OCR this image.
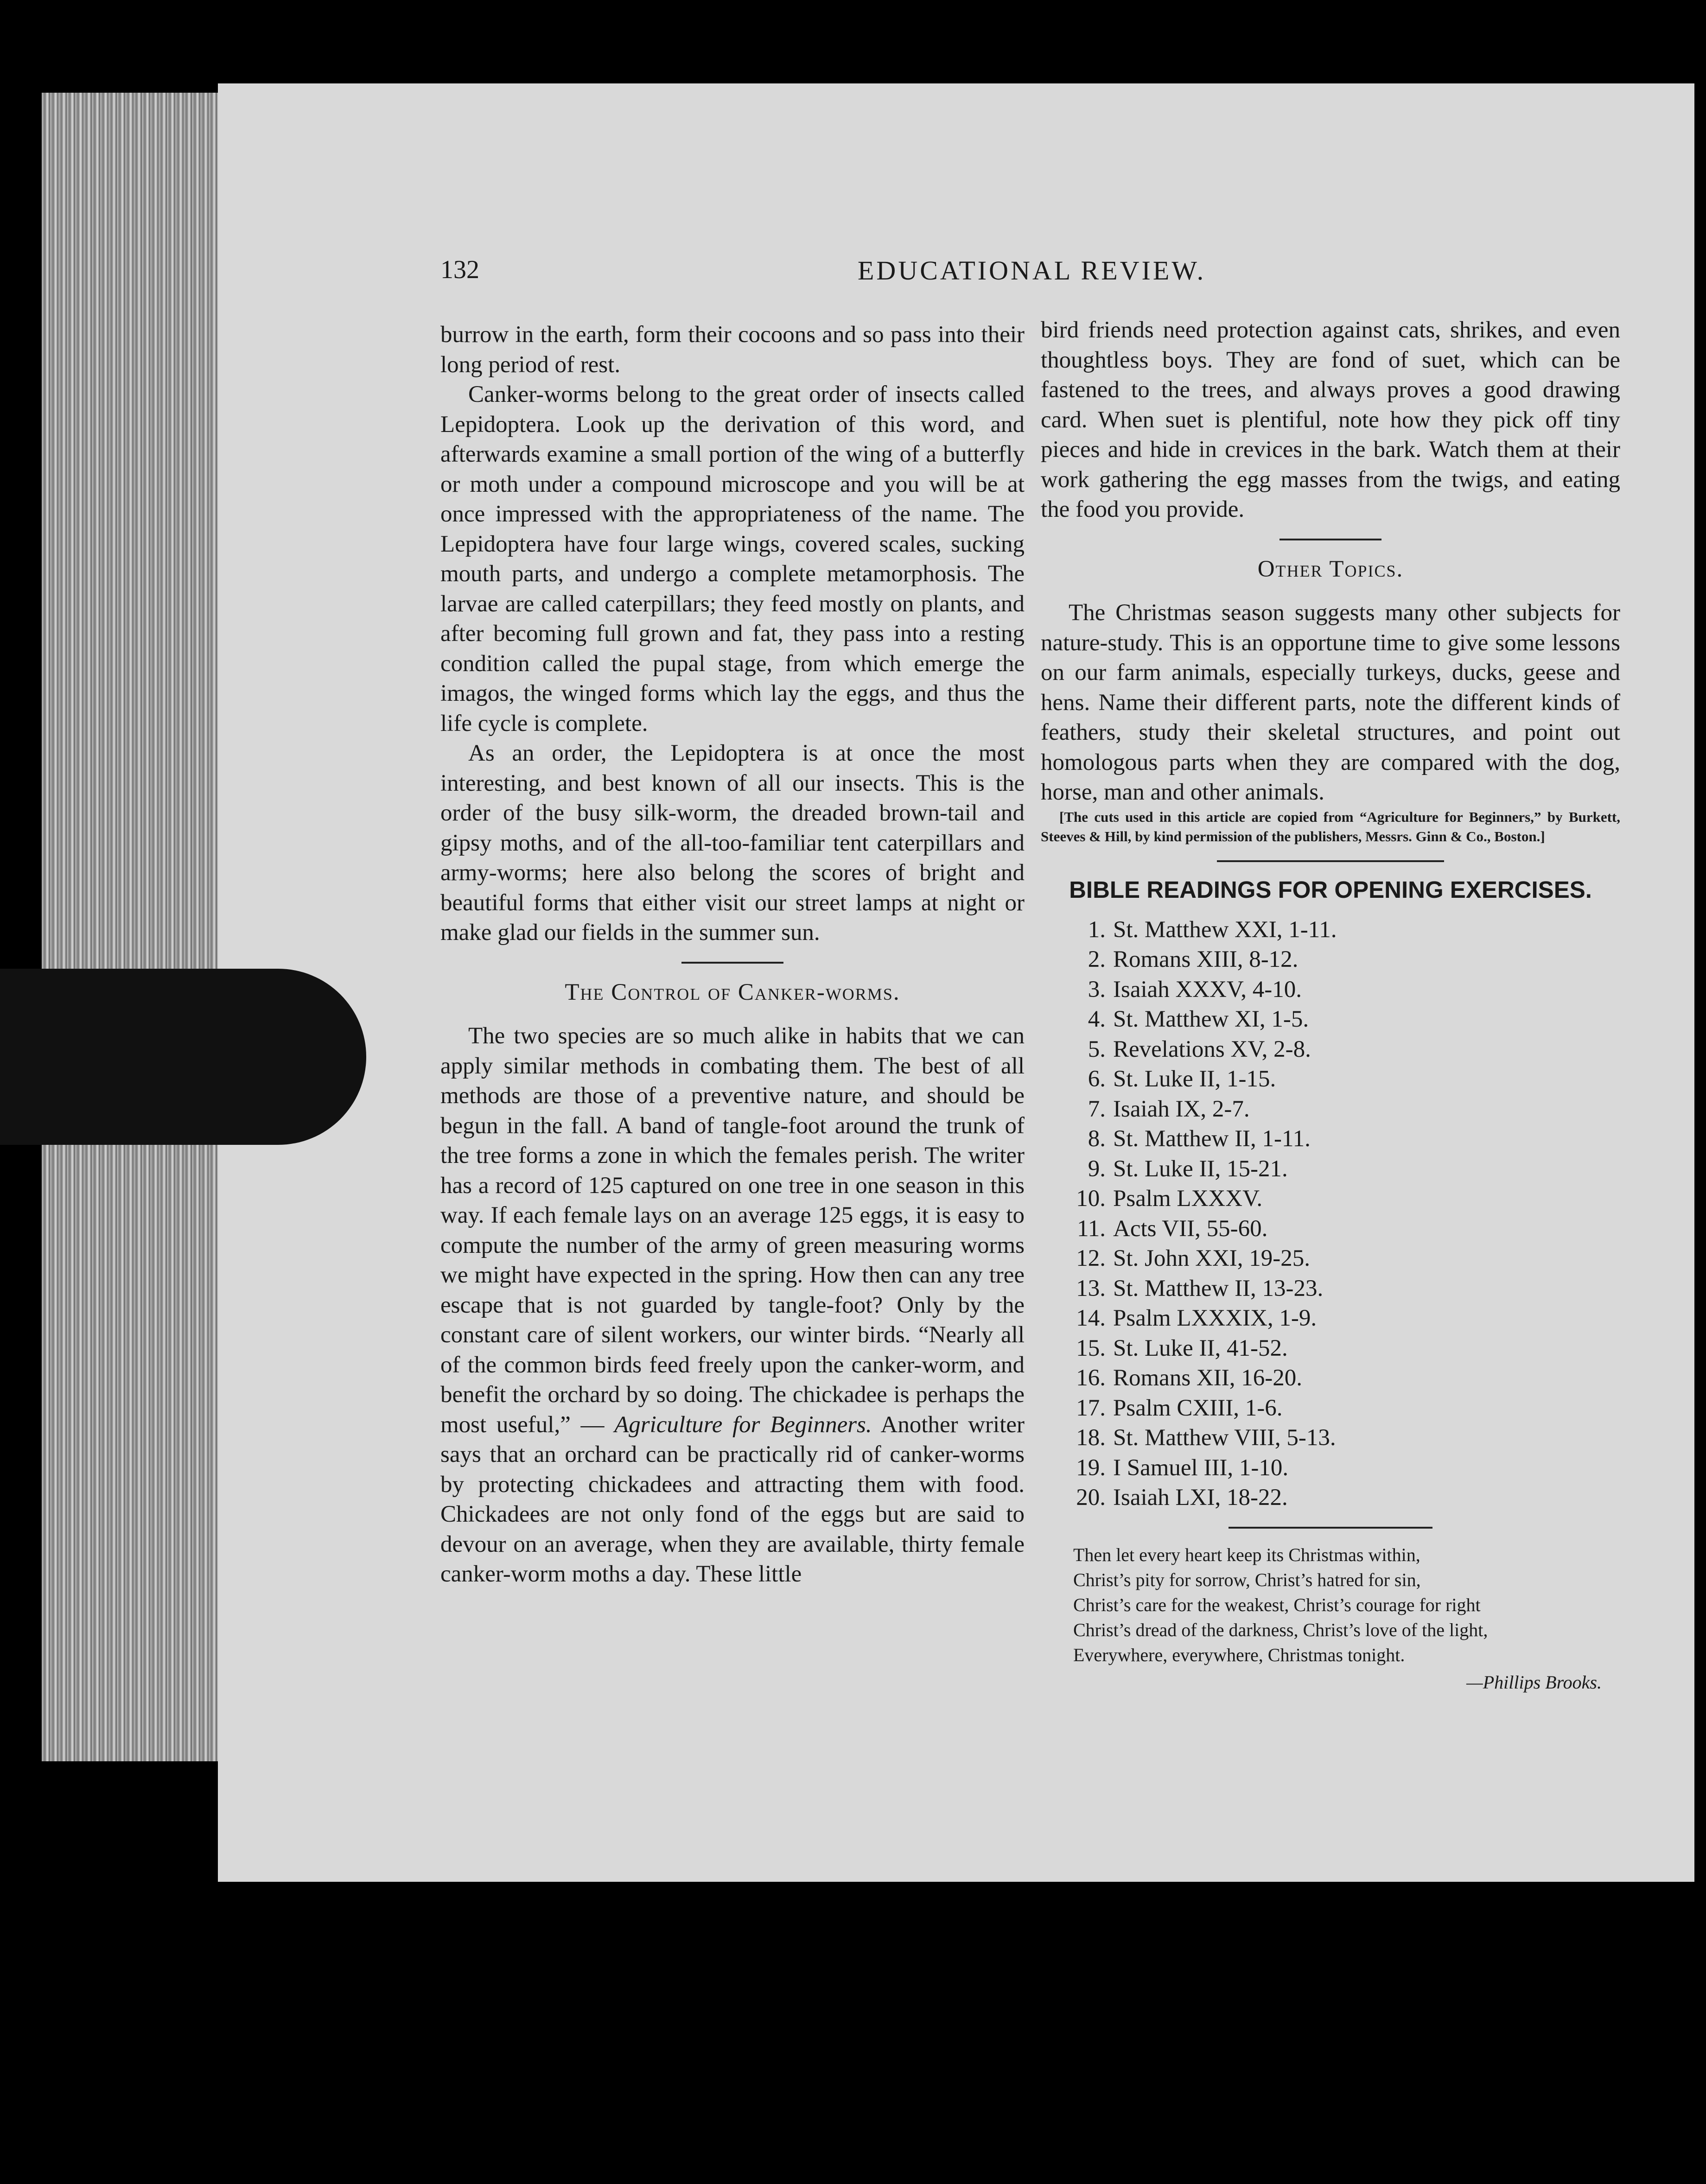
132	EDUCATIONAL REVIEW.

burrow in the earth, form their cocoons and so pass into their long period of rest.

Canker-worms belong to the great order of insects called Lepidoptera. Look up the derivation of this word, and afterwards examine a small portion of the wing of a butterfly or moth under a compound microscope and you will be at once impressed with the appropriateness of the name. The Lepidoptera have four large wings, covered scales, sucking mouth parts, and undergo a complete metamorphosis. The larvae are called caterpillars; they feed mostly on plants, and after becoming full grown and fat, they pass into a resting condition called the pupal stage, from which emerge the imagos, the winged forms which lay the eggs, and thus the life cycle is complete.

As an order, the Lepidoptera is at once the most interesting, and best known of all our insects. This is the order of the busy silk-worm, the dreaded brown-tail and gipsy moths, and of the all-too-familiar tent caterpillars and army-worms; here also belong the scores of bright and beautiful forms that either visit our street lamps at night or make glad our fields in the summer sun.

The Control of Canker-worms.

The two species are so much alike in habits that we can apply similar methods in combating them. The best of all methods are those of a preventive nature, and should be begun in the fall. A band of tangle-foot around the trunk of the tree forms a zone in which the females perish. The writer has a record of 125 captured on one tree in one season in this way. If each female lays on an average 125 eggs, it is easy to compute the number of the army of green measuring worms we might have expected in the spring. How then can any tree escape that is not guarded by tangle-foot? Only by the constant care of silent workers, our winter birds. “Nearly all of the common birds feed freely upon the canker-worm, and benefit the orchard by so doing. The chickadee is perhaps the most useful,” — Agriculture for Beginners. Another writer says that an orchard can be practically rid of canker-worms by protecting chickadees and attracting them with food. Chickadees are not only fond of the eggs but are said to devour on an average, when they are available, thirty female canker-worm moths a day. These little

bird friends need protection against cats, shrikes, and even thoughtless boys. They are fond of suet, which can be fastened to the trees, and always proves a good drawing card. When suet is plentiful, note how they pick off tiny pieces and hide in crevices in the bark. Watch them at their work gathering the egg masses from the twigs, and eating the food you provide.

Other Topics.

The Christmas season suggests many other subjects for nature-study. This is an opportune time to give some lessons on our farm animals, especially turkeys, ducks, geese and hens. Name their different parts, note the different kinds of feathers, study their skeletal structures, and point out homologous parts when they are compared with the dog, horse, man and other animals.

[The cuts used in this article are copied from “Agriculture for Beginners,” by Burkett, Steeves & Hill, by kind permission of the publishers, Messrs. Ginn & Co., Boston.]

BIBLE READINGS FOR OPENING EXERCISES.
1. St. Matthew XXI, 1-11.
2. Romans XIII, 8-12.
3. Isaiah XXXV, 4-10.
4. St. Matthew XI, 1-5.
5. Revelations XV, 2-8.
6. St. Luke II, 1-15.
7. Isaiah IX, 2-7.
8. St. Matthew II, 1-11.
9. St. Luke II, 15-21.
10. Psalm LXXXV.
11. Acts VII, 55-60.
12. St. John XXI, 19-25.
13. St. Matthew II, 13-23.
14. Psalm LXXXIX, 1-9.
15. St. Luke II, 41-52.
16. Romans XII, 16-20.
17. Psalm CXIII, 1-6.
18. St. Matthew VIII, 5-13.
19. I Samuel III, 1-10.
20. Isaiah LXI, 18-22.
Then let every heart keep its Christmas within,
Christ’s pity for sorrow, Christ’s hatred for sin,
Christ’s care for the weakest, Christ’s courage for right
Christ’s dread of the darkness, Christ’s love of the light,
Everywhere, everywhere, Christmas tonight.
—Phillips Brooks.
